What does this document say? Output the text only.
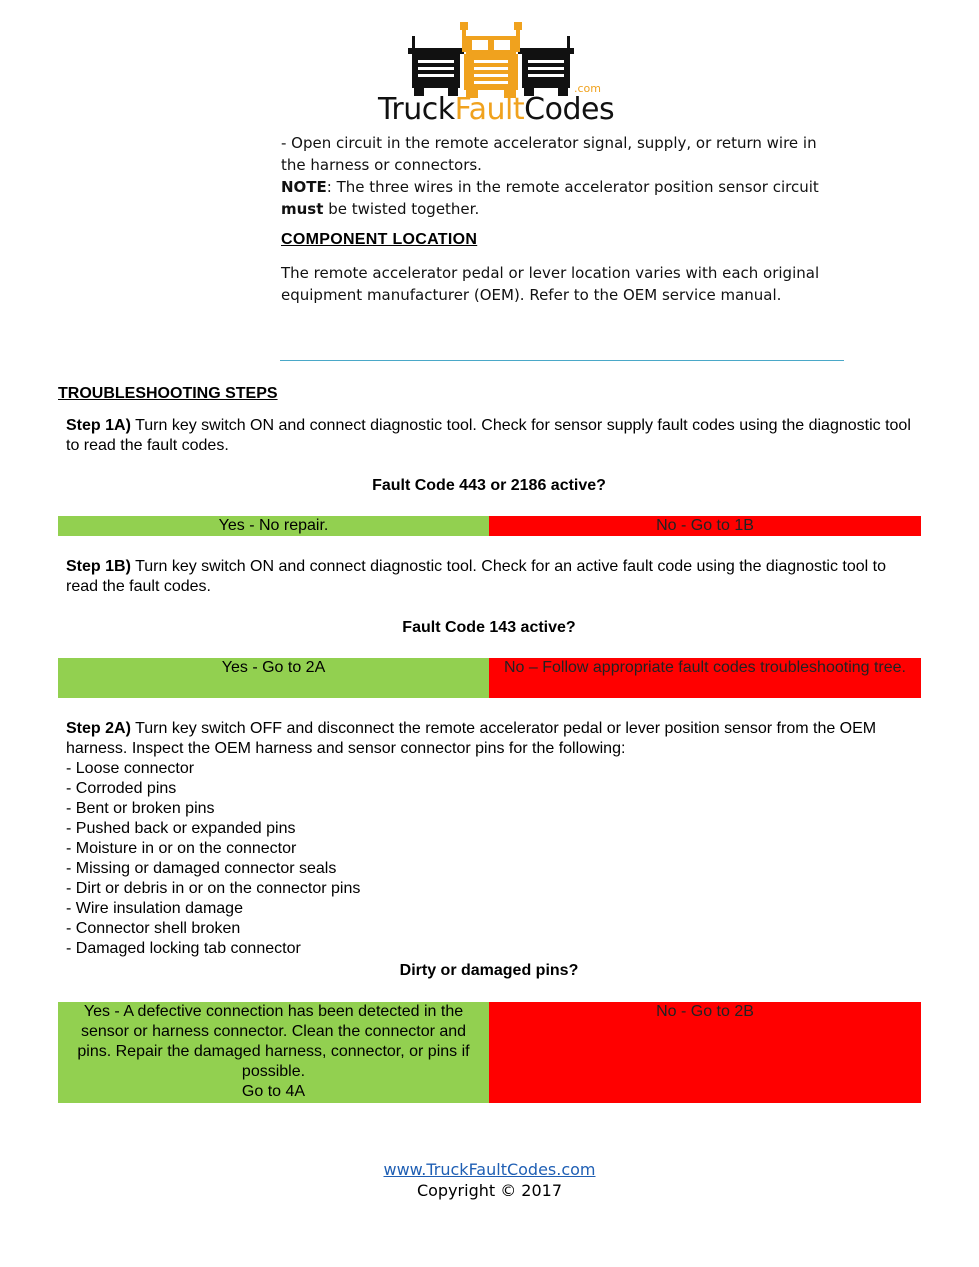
.com
TruckFaultCodes
- Open circuit in the remote accelerator signal, supply, or return wire in the harness or connectors.
NOTE: The three wires in the remote accelerator position sensor circuit must be twisted together.
COMPONENT LOCATION
The remote accelerator pedal or lever location varies with each original equipment manufacturer (OEM). Refer to the OEM service manual.
TROUBLESHOOTING STEPS
Step 1A) Turn key switch ON and connect diagnostic tool. Check for sensor supply fault codes using the diagnostic tool to read the fault codes.
Fault Code 443 or 2186 active?
Yes - No repair.	No - Go to 1B
Step 1B) Turn key switch ON and connect diagnostic tool. Check for an active fault code using the diagnostic tool to read the fault codes.
Fault Code 143 active?
Yes - Go to 2A	No – Follow appropriate fault codes troubleshooting tree.
Step 2A) Turn key switch OFF and disconnect the remote accelerator pedal or lever position sensor from the OEM harness. Inspect the OEM harness and sensor connector pins for the following:
- Loose connector
- Corroded pins
- Bent or broken pins
- Pushed back or expanded pins
- Moisture in or on the connector
- Missing or damaged connector seals
- Dirt or debris in or on the connector pins
- Wire insulation damage
- Connector shell broken
- Damaged locking tab connector
Dirty or damaged pins?
Yes - A defective connection has been detected in the sensor or harness connector. Clean the connector and pins. Repair the damaged harness, connector, or pins if possible.
Go to 4A
No - Go to 2B
www.TruckFaultCodes.com
Copyright © 2017
